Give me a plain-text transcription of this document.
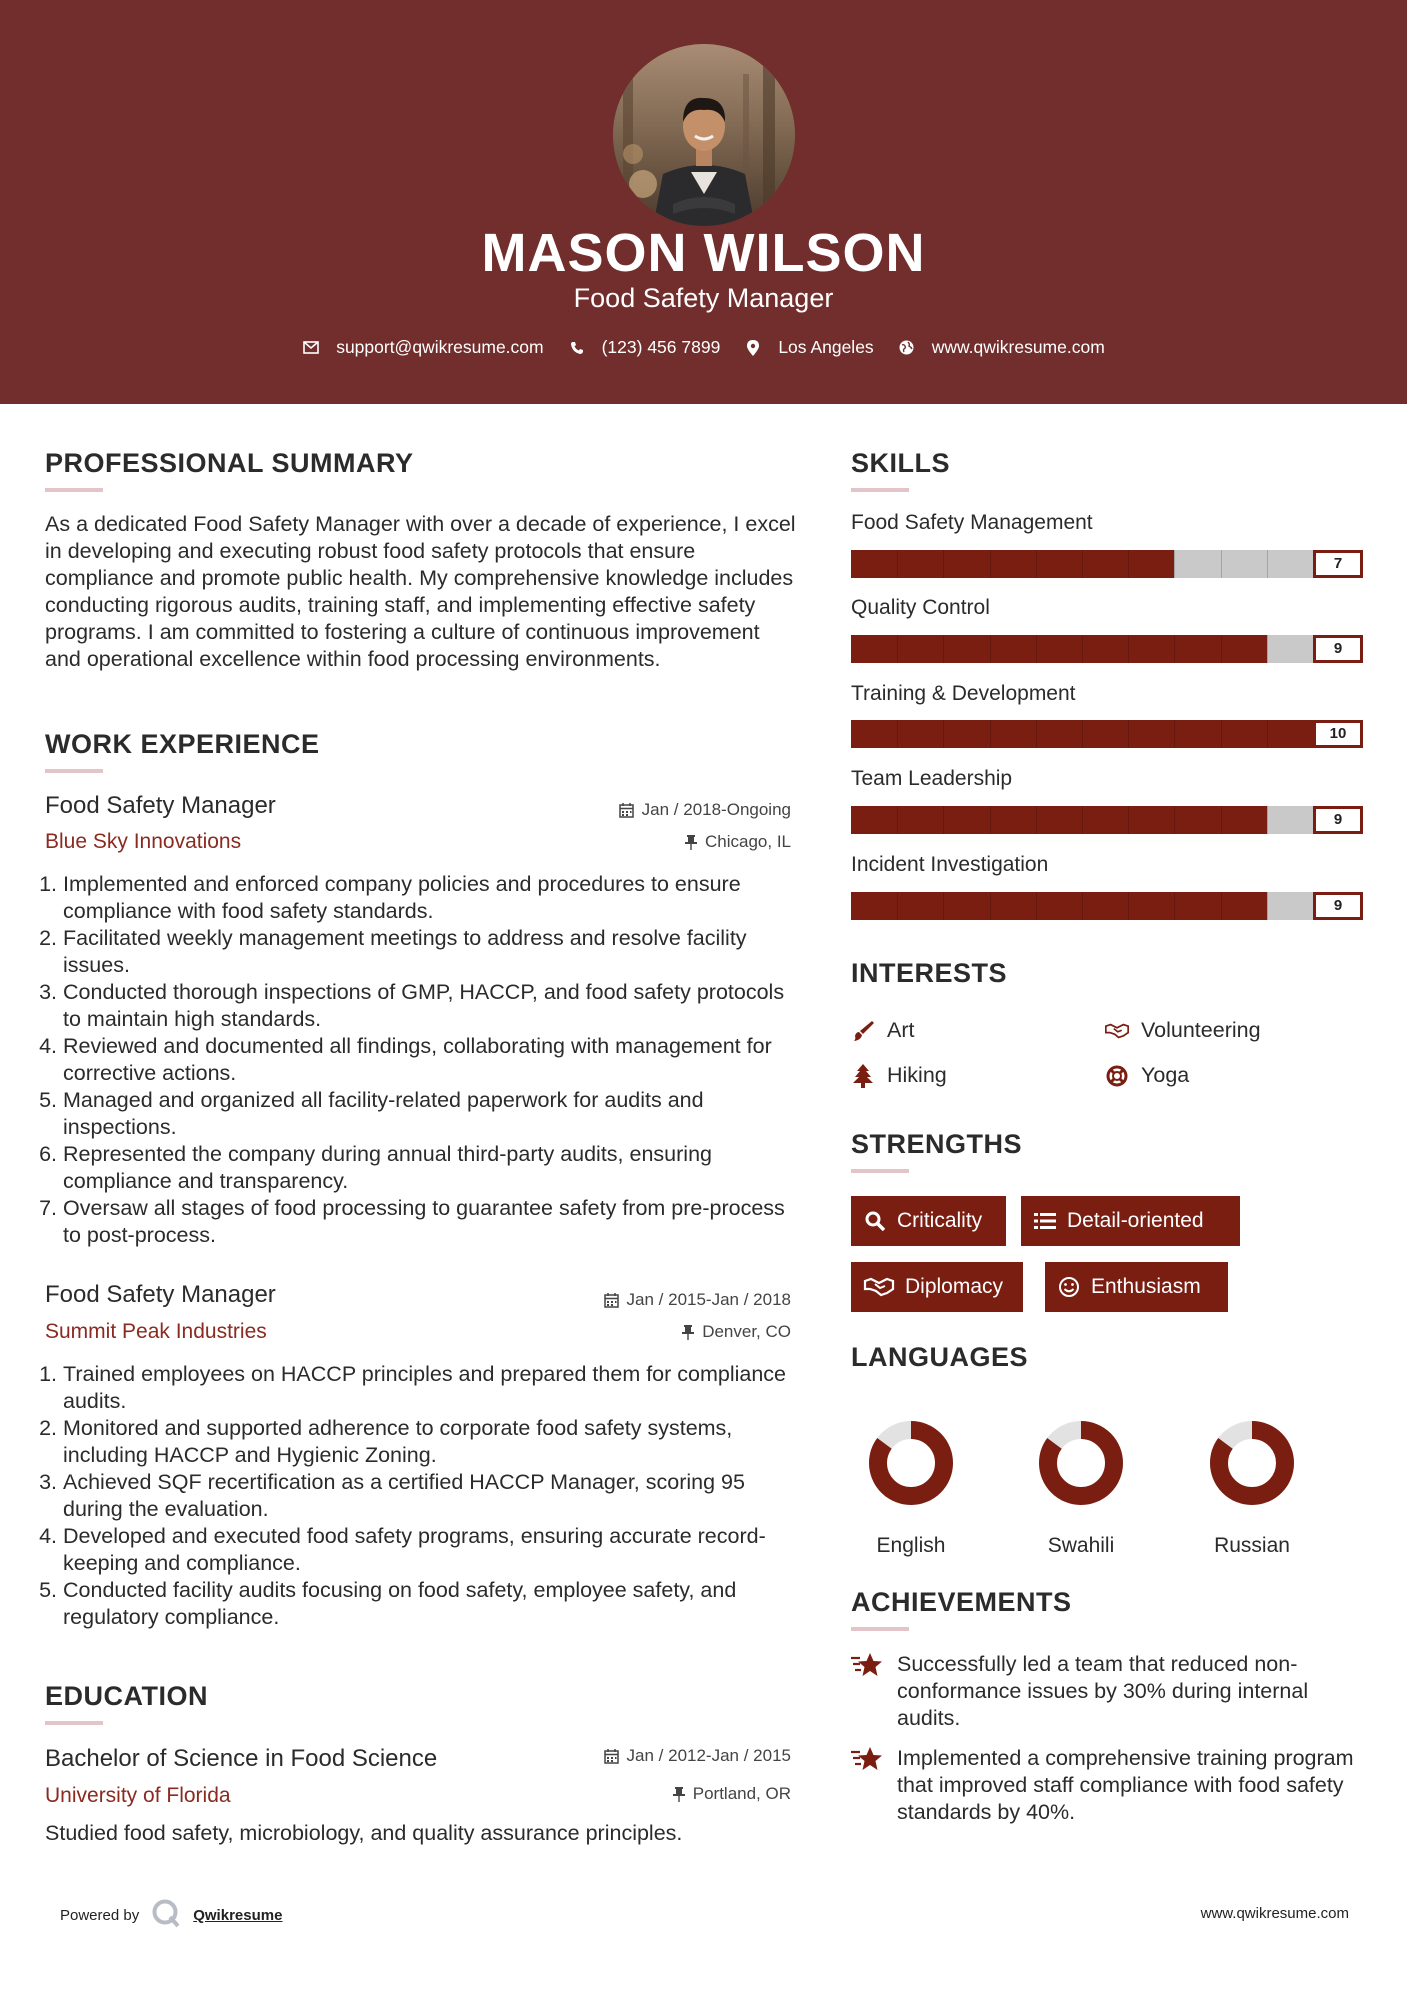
MASON WILSON
Food Safety Manager
support@qwikresume.com	(123) 456 7899	Los Angeles	www.qwikresume.com
PROFESSIONAL SUMMARY
As a dedicated Food Safety Manager with over a decade of experience, I excel in developing and executing robust food safety protocols that ensure compliance and promote public health. My comprehensive knowledge includes conducting rigorous audits, training staff, and implementing effective safety programs. I am committed to fostering a culture of continuous improvement and operational excellence within food processing environments.
WORK EXPERIENCE
Food Safety Manager	Jan / 2018-Ongoing
Blue Sky Innovations	Chicago, IL
1. Implemented and enforced company policies and procedures to ensure compliance with food safety standards.
2. Facilitated weekly management meetings to address and resolve facility issues.
3. Conducted thorough inspections of GMP, HACCP, and food safety protocols to maintain high standards.
4. Reviewed and documented all findings, collaborating with management for corrective actions.
5. Managed and organized all facility-related paperwork for audits and inspections.
6. Represented the company during annual third-party audits, ensuring compliance and transparency.
7. Oversaw all stages of food processing to guarantee safety from pre-process to post-process.
Food Safety Manager	Jan / 2015-Jan / 2018
Summit Peak Industries	Denver, CO
1. Trained employees on HACCP principles and prepared them for compliance audits.
2. Monitored and supported adherence to corporate food safety systems, including HACCP and Hygienic Zoning.
3. Achieved SQF recertification as a certified HACCP Manager, scoring 95 during the evaluation.
4. Developed and executed food safety programs, ensuring accurate record-keeping and compliance.
5. Conducted facility audits focusing on food safety, employee safety, and regulatory compliance.
EDUCATION
Bachelor of Science in Food Science	Jan / 2012-Jan / 2015
University of Florida	Portland, OR
Studied food safety, microbiology, and quality assurance principles.
SKILLS
Food Safety Management
7
Quality Control
9
Training & Development
10
Team Leadership
9
Incident Investigation
9
INTERESTS
Art	Volunteering
Hiking	Yoga
STRENGTHS
Criticality	Detail-oriented
Diplomacy	Enthusiasm
LANGUAGES
English	Swahili	Russian
ACHIEVEMENTS
Successfully led a team that reduced non-conformance issues by 30% during internal audits.
Implemented a comprehensive training program that improved staff compliance with food safety standards by 40%.
Powered by	Qwikresume	www.qwikresume.com
